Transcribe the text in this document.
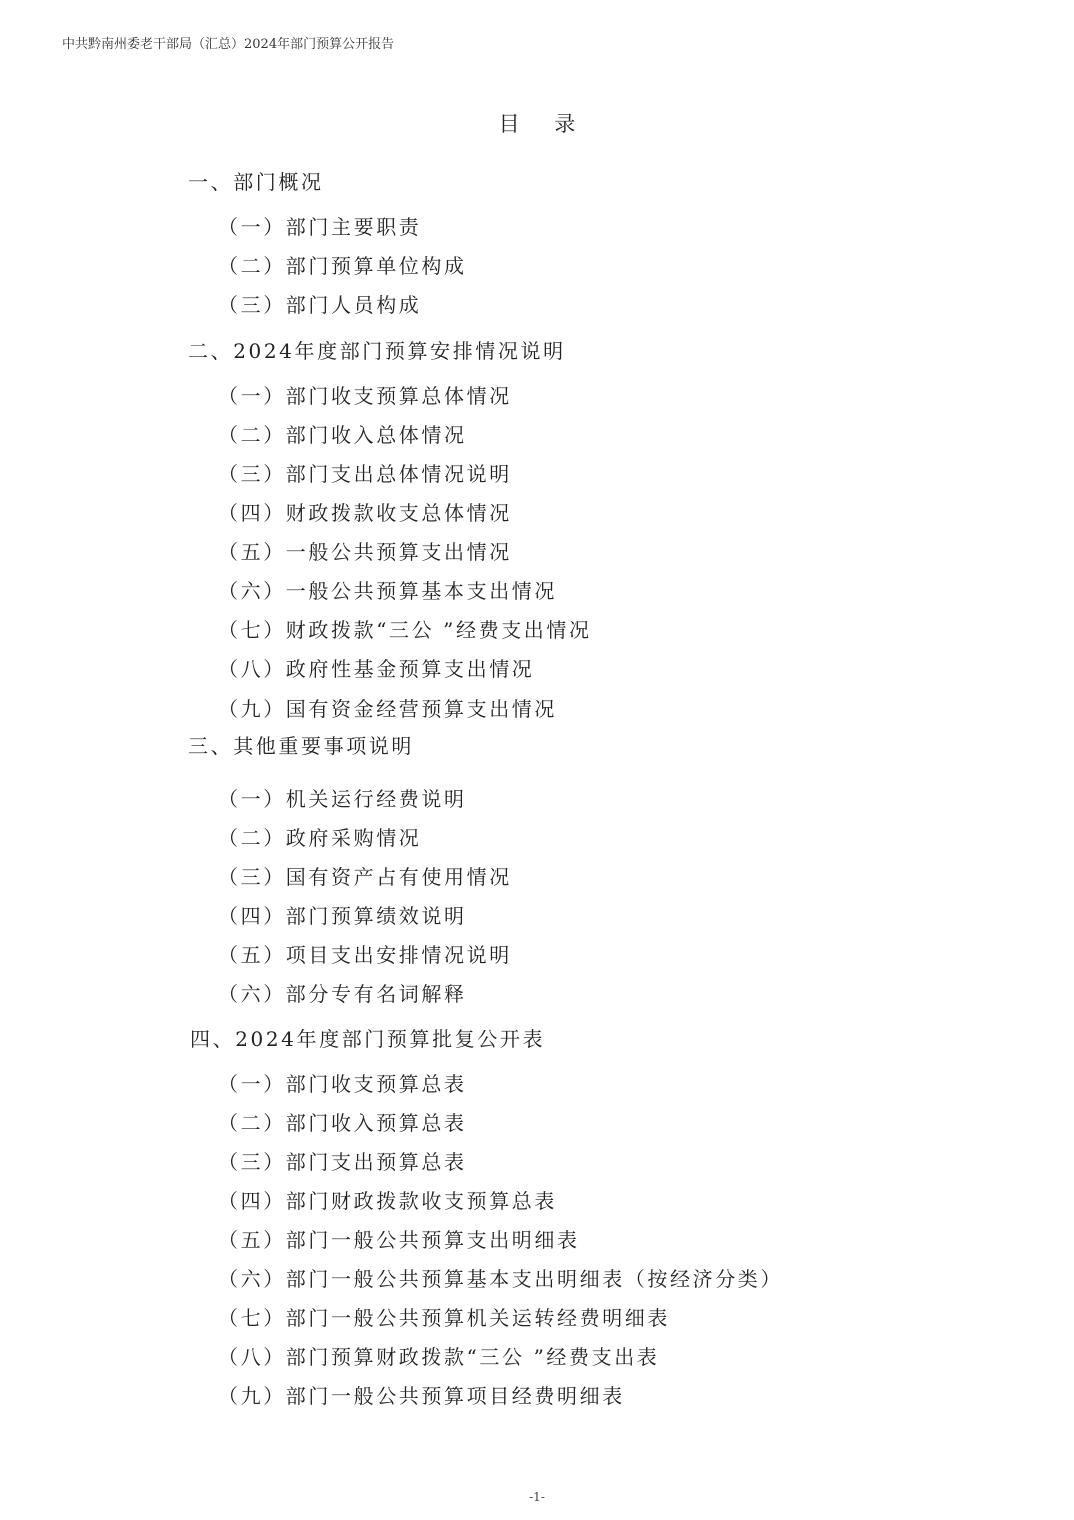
中共黔南州委老干部局（汇总）2024年部门预算公开报告
目 录
一、部门概况
（一）部门主要职责
（二）部门预算单位构成
（三）部门人员构成
二、2024年度部门预算安排情况说明
（一）部门收支预算总体情况
（二）部门收入总体情况
（三）部门支出总体情况说明
（四）财政拨款收支总体情况
（五）一般公共预算支出情况
（六）一般公共预算基本支出情况
（七）财政拨款“三公 ”经费支出情况
（八）政府性基金预算支出情况
（九）国有资金经营预算支出情况
三、其他重要事项说明
（一）机关运行经费说明
（二）政府采购情况
（三）国有资产占有使用情况
（四）部门预算绩效说明
（五）项目支出安排情况说明
（六）部分专有名词解释
四、2024年度部门预算批复公开表
（一）部门收支预算总表
（二）部门收入预算总表
（三）部门支出预算总表
（四）部门财政拨款收支预算总表
（五）部门一般公共预算支出明细表
（六）部门一般公共预算基本支出明细表（按经济分类）
（七）部门一般公共预算机关运转经费明细表
（八）部门预算财政拨款“三公 ”经费支出表
（九）部门一般公共预算项目经费明细表
-1-
